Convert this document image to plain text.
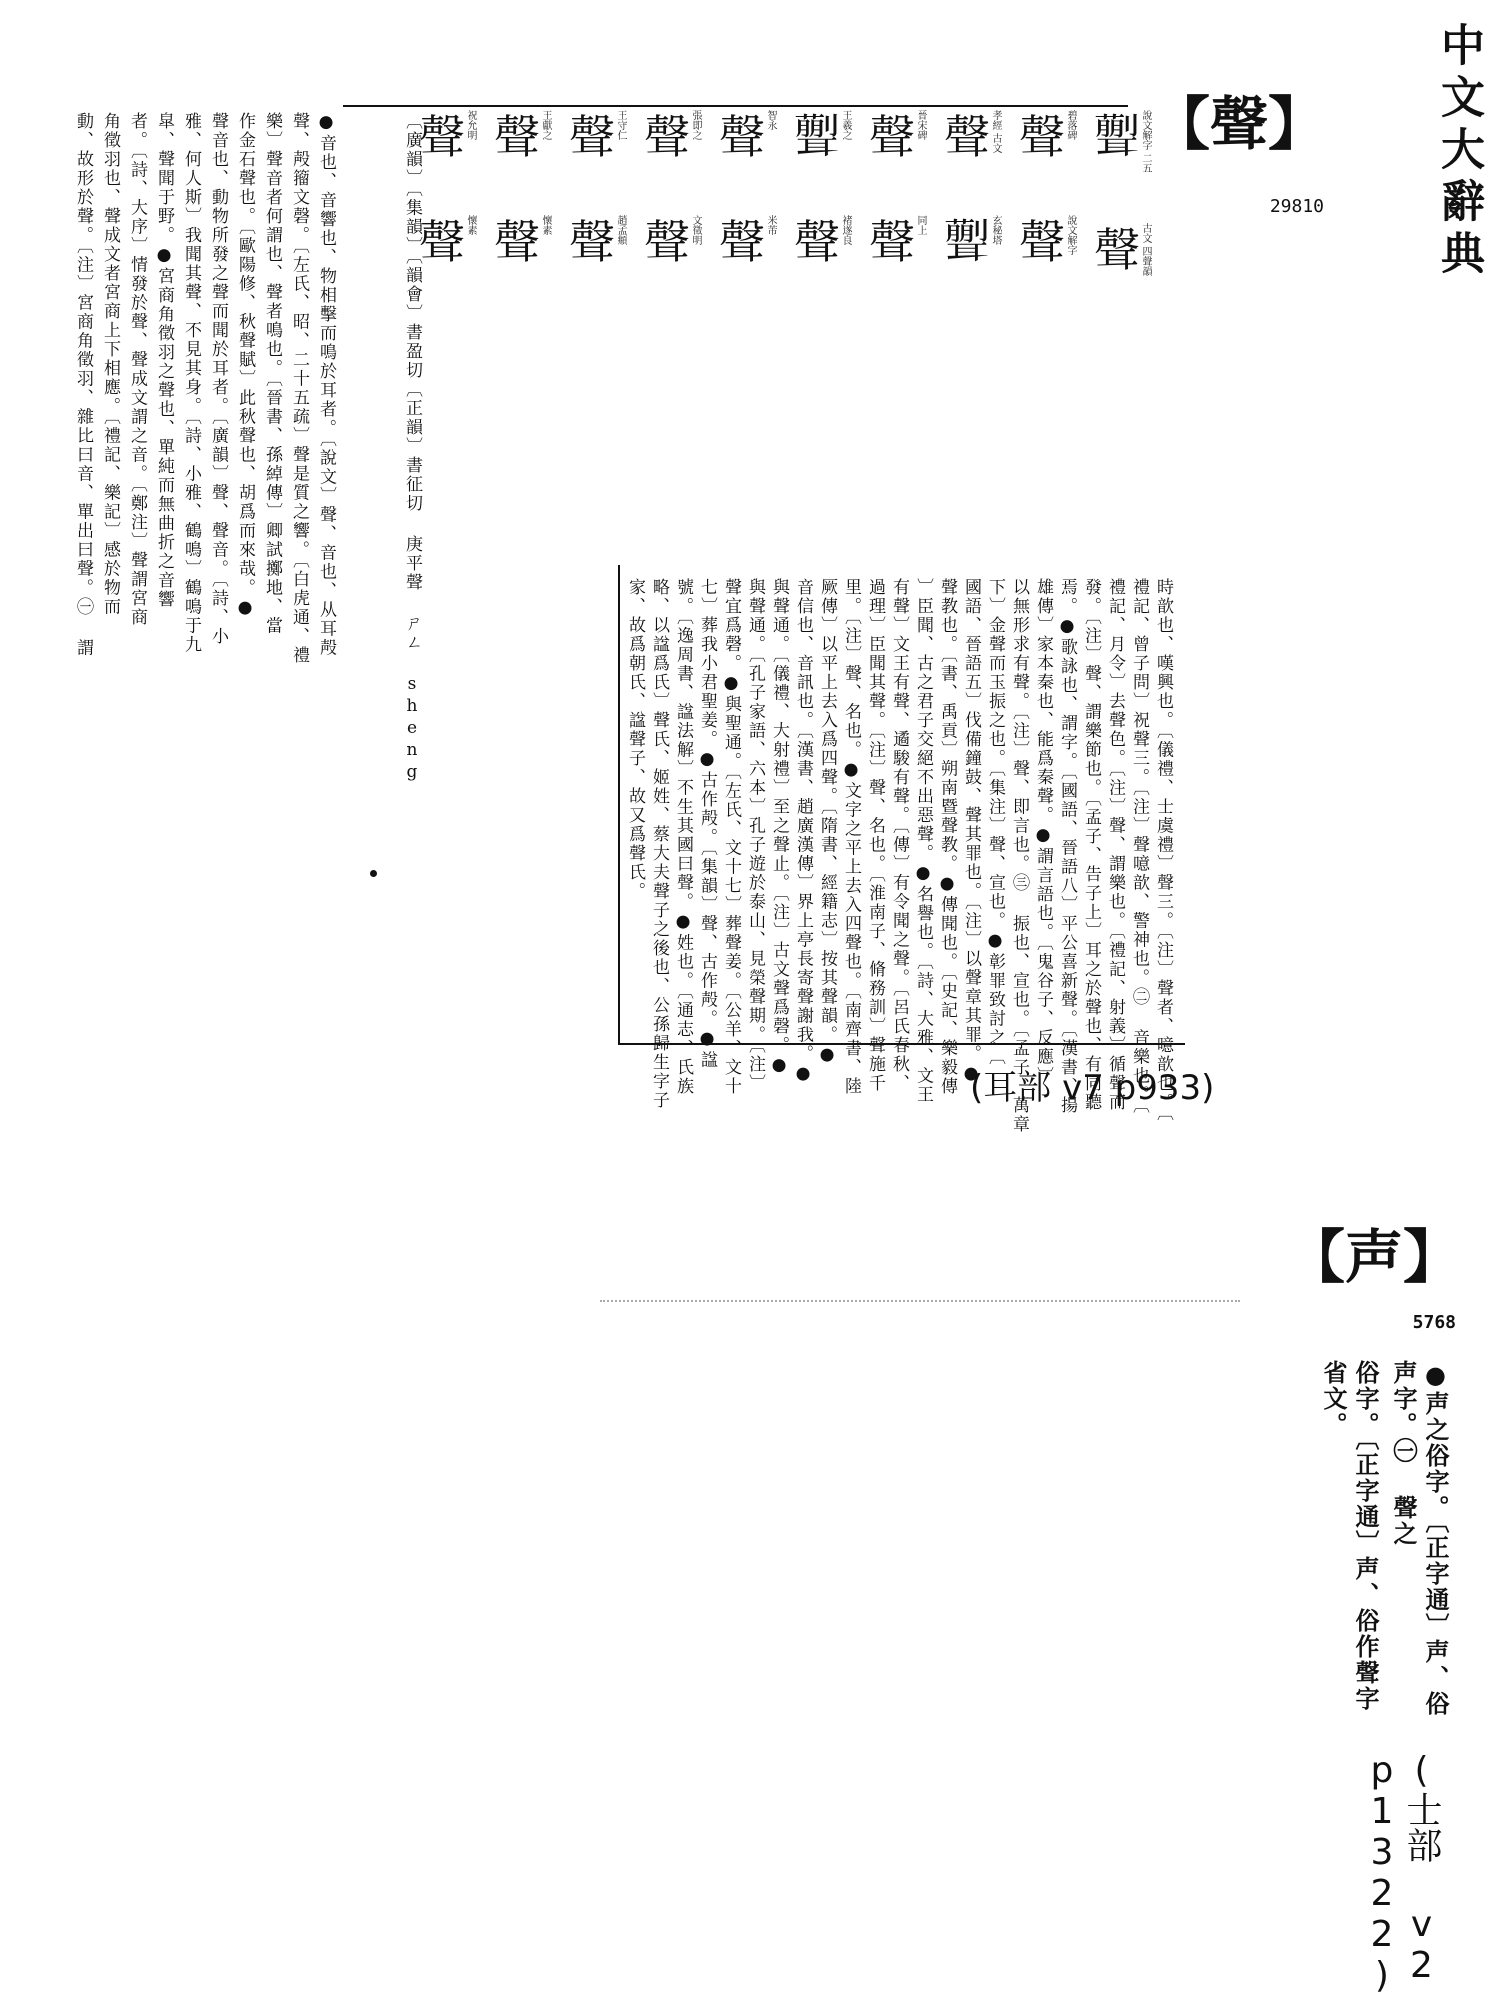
中文大辭典
【 聲 】
29810
𦗿 說文解字 二五
聲 古文 四聲韻
聲 碧落碑
聲 說文解字
聲 孝經 古文
𦗿 玄秘塔
聲 晉宋碑
聲 同上
𦗿 王羲之
聲 褚遂良
聲 智永
聲 米芾
聲 張即之
聲 文徵明
聲 王守仁
聲 趙孟頫
聲 王獻之
聲 懷素
聲 祝允明
聲 懷素
〔廣韻〕〔集韻〕〔韻會〕書盈切〔正韻〕書征切 庚平聲 ㄕㄥ sheng
●音也、音響也、物相擊而鳴於耳者。〔說文〕聲、音也、从耳殸
聲、殸籀文磬。〔左氏、昭、二十五疏〕聲是質之響。〔白虎通、禮
樂〕聲音者何謂也、聲者鳴也。〔晉書、孫綽傳〕卿試擲地、當
作金石聲也。〔歐陽修、秋聲賦〕此秋聲也、胡爲而來哉。●
聲音也、動物所發之聲而聞於耳者。〔廣韻〕聲、聲音。〔詩、小
雅、何人斯〕我聞其聲、不見其身。〔詩、小雅、鶴鳴〕鶴鳴于九
皐、聲聞于野。●宮商角徵羽之聲也、單純而無曲折之音響
者。〔詩、大序〕情發於聲、聲成文謂之音。〔鄭注〕聲謂宮商
角徵羽也、聲成文者宮商上下相應。〔禮記、樂記〕感於物而
動、故形於聲。〔注〕宮商角徵羽、雜比曰音、單出曰聲。㊀ 謂
時歆也、嘆興也。〔儀禮、士虞禮〕聲三。〔注〕聲者、噫歆也。〔
禮記、曾子問〕祝聲三。〔注〕聲噫歆、警神也。㊁ 音樂也。〔
禮記、月令〕去聲色。〔注〕聲、謂樂也。〔禮記、射義〕循聲而
發。〔注〕聲、謂樂節也。〔孟子、告子上〕耳之於聲也、有同聽
焉。●歌詠也、謂字。〔國語、晉語八〕平公喜新聲。〔漢書、揚
雄傳〕家本秦也、能爲秦聲。●謂言語也。〔鬼谷子、反應〕
以無形求有聲。〔注〕聲、即言也。㊂ 振也、宣也。〔孟子、萬章
下〕金聲而玉振之也。〔集注〕聲、宣也。●彰罪致討之〔
國語、晉語五〕伐備鐘鼓、聲其罪也。〔注〕以聲章其罪。●
聲教也。〔書、禹貢〕朔南暨聲教。●傳聞也。〔史記、樂毅傳
〕臣聞、古之君子交絕不出惡聲。●名譽也。〔詩、大雅、文王
有聲〕文王有聲、遹駿有聲。〔傳〕有令聞之聲。〔呂氏春秋、
過理〕臣聞其聲。〔注〕聲、名也。〔淮南子、脩務訓〕聲施千
里。〔注〕聲、名也。●文字之平上去入四聲也。〔南齊書、陸
厥傳〕以平上去入爲四聲。〔隋書、經籍志〕按其聲韻。●
音信也、音訊也。〔漢書、趙廣漢傳〕界上亭長寄聲謝我。●
與聲通。〔儀禮、大射禮〕至之聲止。〔注〕古文聲爲磬。●
與聲通。〔孔子家語、六本〕孔子遊於泰山、見榮聲期。〔注〕
聲宜爲磬。●與聖通。〔左氏、文十七〕葬聲姜。〔公羊、文十
七〕葬我小君聖姜。●古作殸。〔集韻〕聲、古作殸。●諡
號。〔逸周書、諡法解〕不生其國曰聲。●姓也。〔通志、氏族
略、以諡爲氏〕聲氏、姬姓、蔡大夫聲子之後也、公孫歸生字子
家、故爲朝氏、諡聲子、故又爲聲氏。
(耳部 v7 p933)
【 声 】
5768
●声之俗字。〔正字通〕声、俗声字。㊀ 聲之
俗字。〔正字通〕声、俗作聲字省文。
(士部 v2 p1322)
